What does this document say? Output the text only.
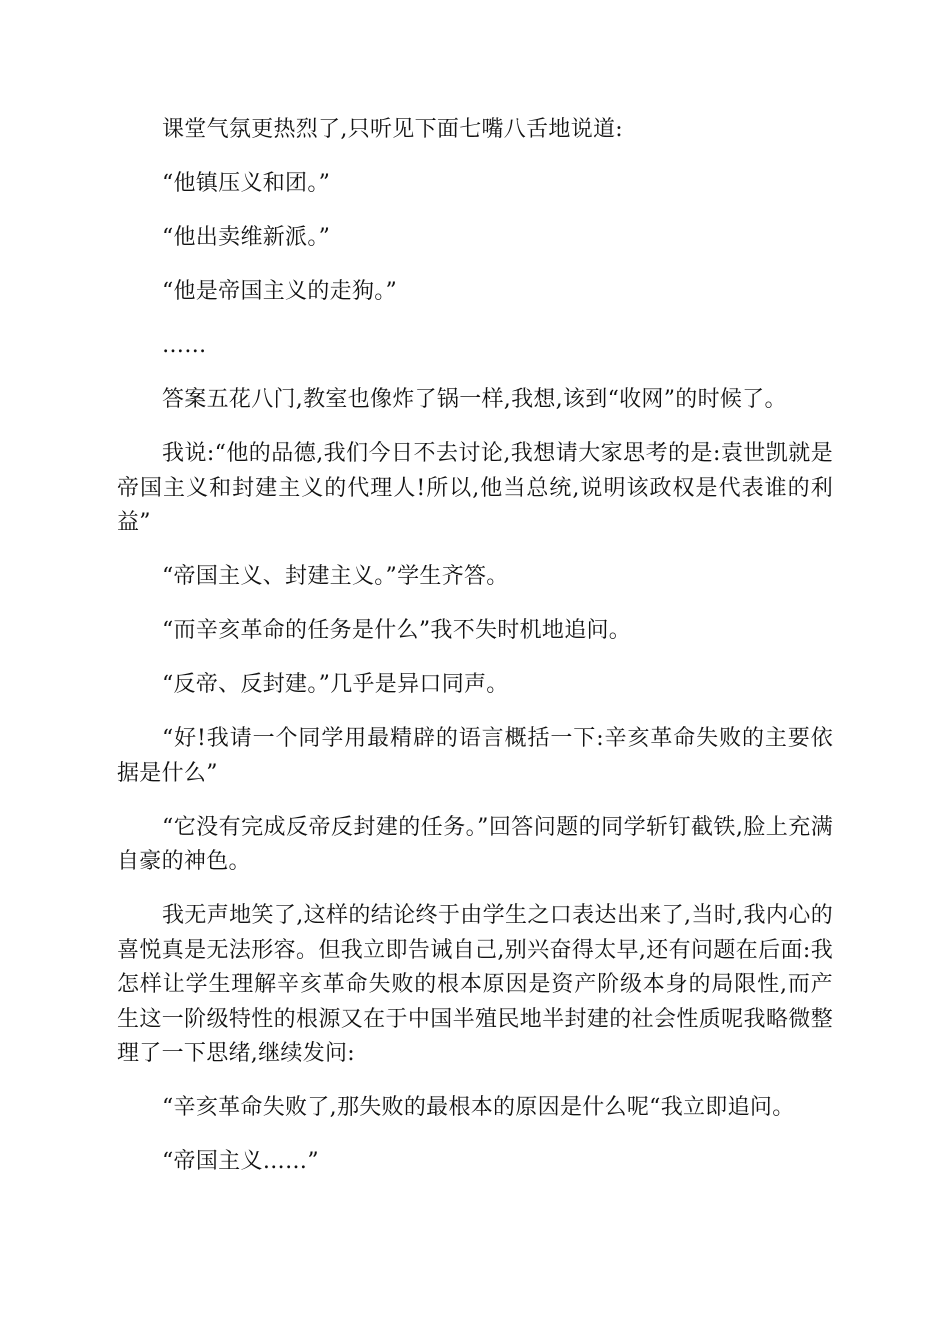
课堂气氛更热烈了,只听见下面七嘴八舌地说道:

“他镇压义和团。”

“他出卖维新派。”

“他是帝国主义的走狗。”

……

答案五花八门,教室也像炸了锅一样,我想,该到“收网”的时候了。

我说:“他的品德,我们今日不去讨论,我想请大家思考的是:袁世凯就是帝国主义和封建主义的代理人!所以,他当总统,说明该政权是代表谁的利益”

“帝国主义、封建主义。”学生齐答。

“而辛亥革命的任务是什么”我不失时机地追问。

“反帝、反封建。”几乎是异口同声。

“好!我请一个同学用最精辟的语言概括一下:辛亥革命失败的主要依据是什么”

“它没有完成反帝反封建的任务。”回答问题的同学斩钉截铁,脸上充满自豪的神色。

我无声地笑了,这样的结论终于由学生之口表达出来了,当时,我内心的喜悦真是无法形容。但我立即告诫自己,别兴奋得太早,还有问题在后面:我怎样让学生理解辛亥革命失败的根本原因是资产阶级本身的局限性,而产生这一阶级特性的根源又在于中国半殖民地半封建的社会性质呢我略微整理了一下思绪,继续发问:

“辛亥革命失败了,那失败的最根本的原因是什么呢“我立即追问。

“帝国主义……”
